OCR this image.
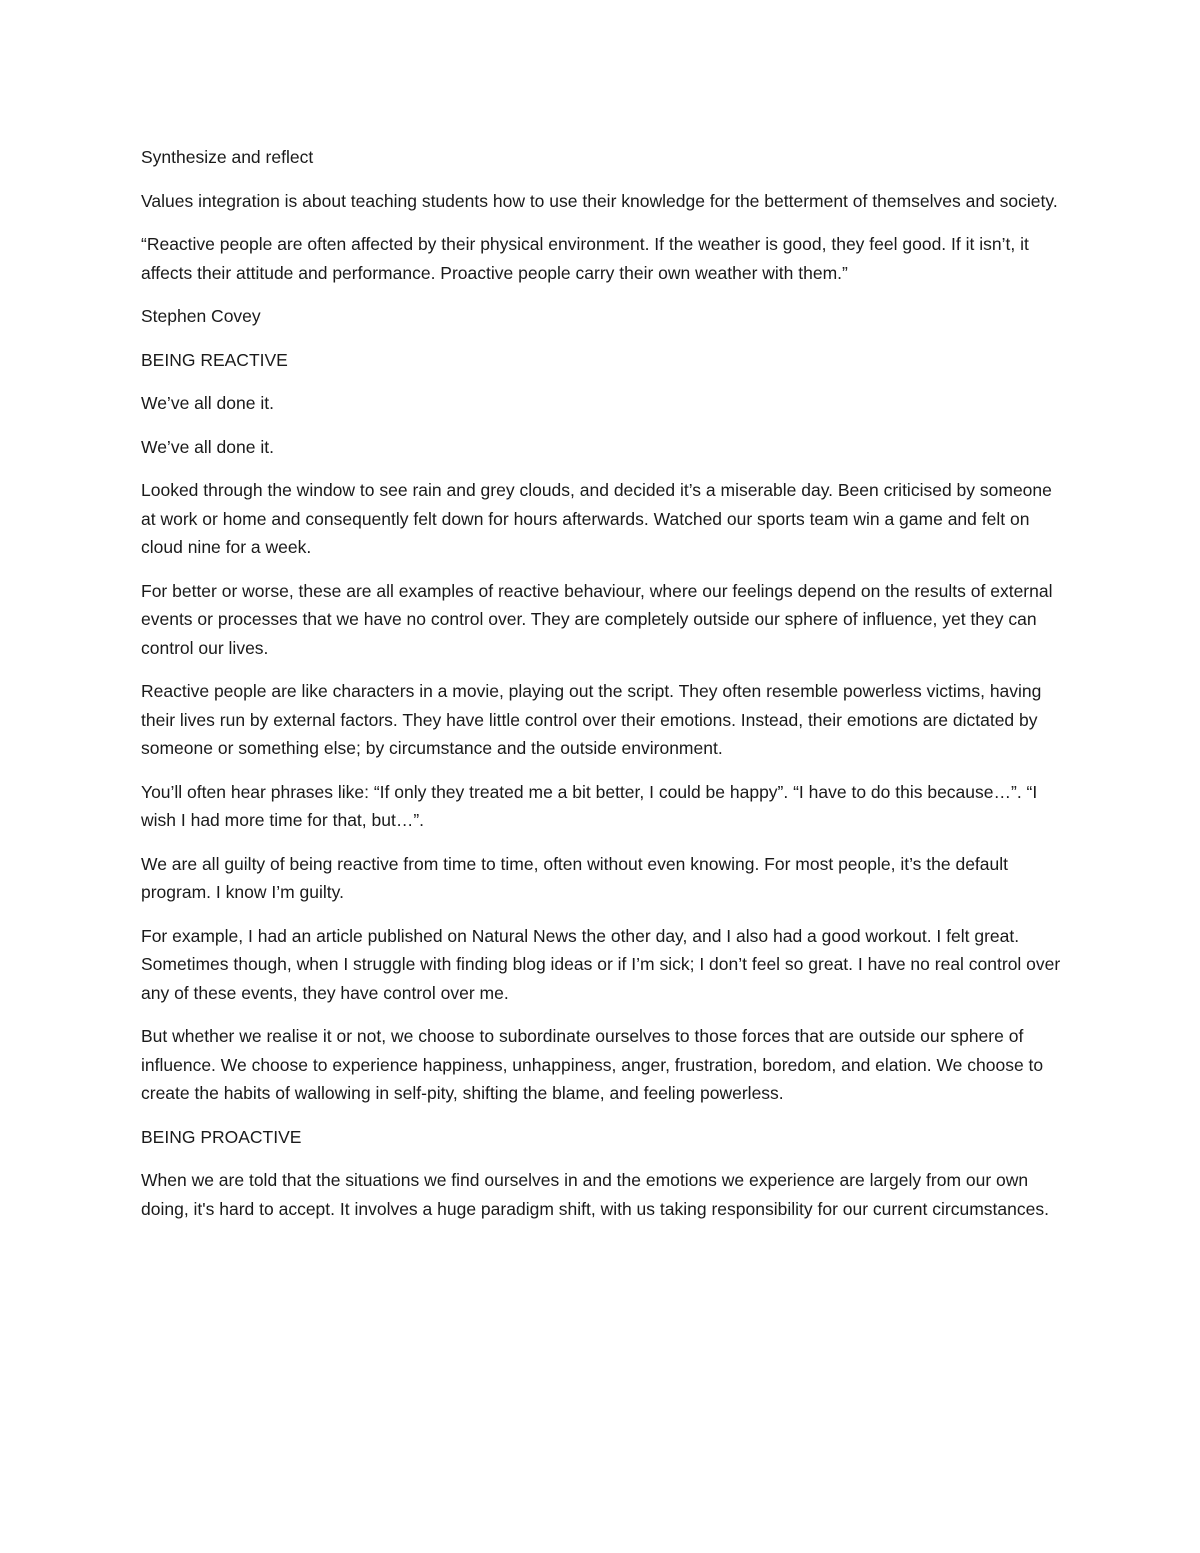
Synthesize and reflect

Values integration is about teaching students how to use their knowledge for the betterment of themselves and society.

“Reactive people are often affected by their physical environment. If the weather is good, they feel good. If it isn’t, it affects their attitude and performance. Proactive people carry their own weather with them.”

Stephen Covey

BEING REACTIVE

We’ve all done it.

We’ve all done it.

Looked through the window to see rain and grey clouds, and decided it’s a miserable day. Been criticised by someone at work or home and consequently felt down for hours afterwards. Watched our sports team win a game and felt on cloud nine for a week.

For better or worse, these are all examples of reactive behaviour, where our feelings depend on the results of external events or processes that we have no control over. They are completely outside our sphere of influence, yet they can control our lives.

Reactive people are like characters in a movie, playing out the script. They often resemble powerless victims, having their lives run by external factors. They have little control over their emotions. Instead, their emotions are dictated by someone or something else; by circumstance and the outside environment.

You’ll often hear phrases like: “If only they treated me a bit better, I could be happy”. “I have to do this because…”. “I wish I had more time for that, but…”.

We are all guilty of being reactive from time to time, often without even knowing. For most people, it’s the default program. I know I’m guilty.

For example, I had an article published on Natural News the other day, and I also had a good workout. I felt great. Sometimes though, when I struggle with finding blog ideas or if I’m sick; I don’t feel so great. I have no real control over any of these events, they have control over me.

But whether we realise it or not, we choose to subordinate ourselves to those forces that are outside our sphere of influence. We choose to experience happiness, unhappiness, anger, frustration, boredom, and elation. We choose to create the habits of wallowing in self-pity, shifting the blame, and feeling powerless.

BEING PROACTIVE

When we are told that the situations we find ourselves in and the emotions we experience are largely from our own doing, it's hard to accept. It involves a huge paradigm shift, with us taking responsibility for our current circumstances.
